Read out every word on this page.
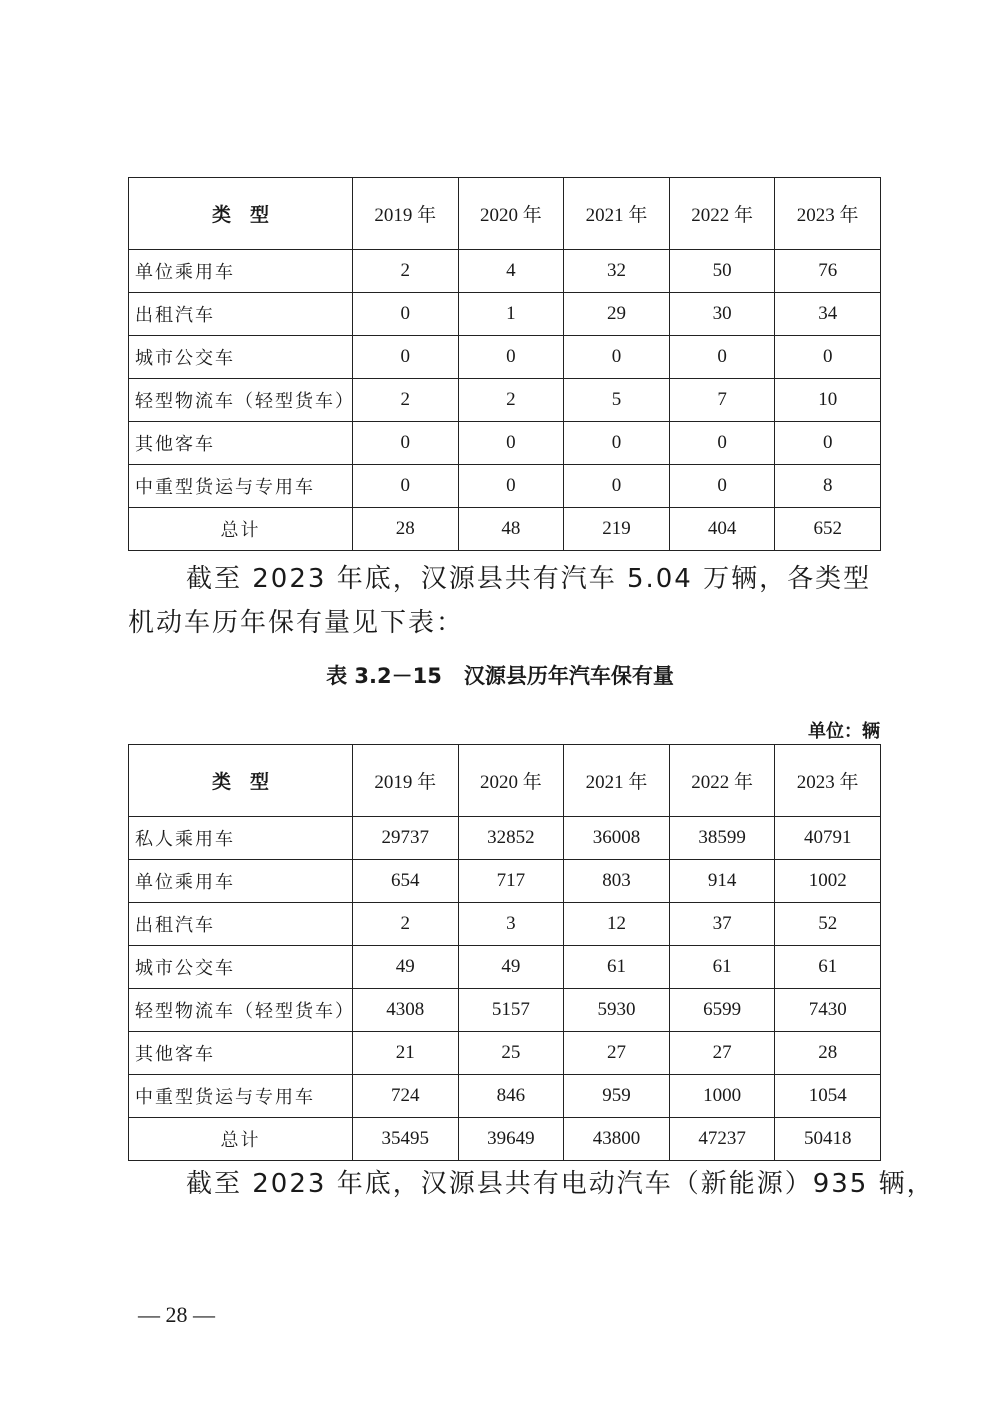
类　型	2019 年	2020 年	2021 年	2022 年	2023 年
单位乘用车	2	4	32	50	76
出租汽车	0	1	29	30	34
城市公交车	0	0	0	0	0
轻型物流车（轻型货车）	2	2	5	7	10
其他客车	0	0	0	0	0
中重型货运与专用车	0	0	0	0	8
总计	28	48	219	404	652
截至 2023 年底，汉源县共有汽车 5.04 万辆，各类型机动车历年保有量见下表：
表 3.2－15 汉源县历年汽车保有量
单位：辆
类　型	2019 年	2020 年	2021 年	2022 年	2023 年
私人乘用车	29737	32852	36008	38599	40791
单位乘用车	654	717	803	914	1002
出租汽车	2	3	12	37	52
城市公交车	49	49	61	61	61
轻型物流车（轻型货车）	4308	5157	5930	6599	7430
其他客车	21	25	27	27	28
中重型货运与专用车	724	846	959	1000	1054
总计	35495	39649	43800	47237	50418
截至 2023 年底，汉源县共有电动汽车（新能源）935 辆，
— 28 —
